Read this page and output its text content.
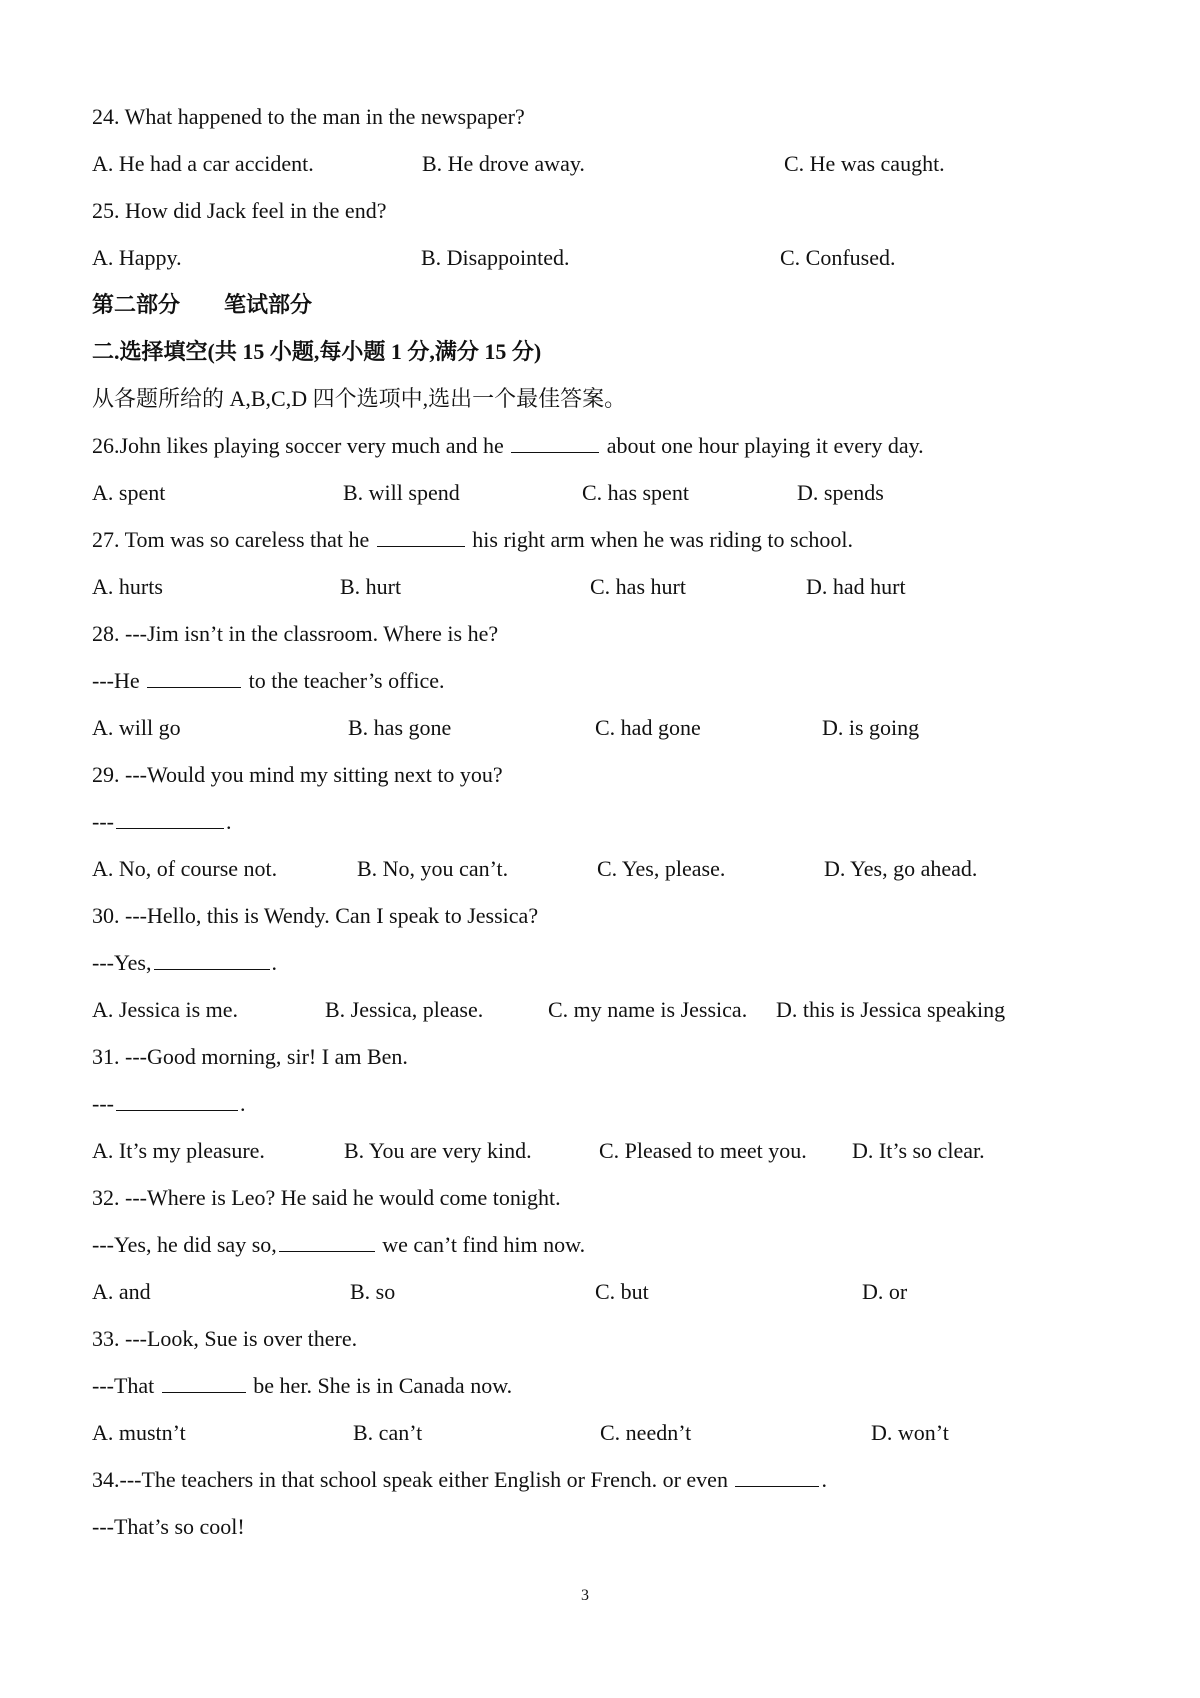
24. What happened to the man in the newspaper?
A. He had a car accident.	B. He drove away.	C. He was caught.
25. How did Jack feel in the end?
A. Happy.	B. Disappointed.	C. Confused.
第二部分　　笔试部分
二.选择填空(共 15 小题,每小题 1 分,满分 15 分)
从各题所给的 A,B,C,D 四个选项中,选出一个最佳答案。
26.John likes playing soccer very much and he	about one hour playing it every day.
A. spent	B. will spend	C. has spent	D. spends
27. Tom was so careless that he	his right arm when he was riding to school.
A. hurts	B. hurt	C. has hurt	D. had hurt
28. ---Jim isn’t in the classroom. Where is he?
---He	to the teacher’s office.
A. will go	B. has gone	C. had gone	D. is going
29. ---Would you mind my sitting next to you?
---	.
A. No, of course not.	B. No, you can’t.	C. Yes, please.	D. Yes, go ahead.
30. ---Hello, this is Wendy. Can I speak to Jessica?
---Yes,	.
A. Jessica is me.	B. Jessica, please.	C. my name is Jessica. D. this is Jessica speaking
31. ---Good morning, sir! I am Ben.
---	.
A. It’s my pleasure.	B. You are very kind.	C. Pleased to meet you. D. It’s so clear.
32. ---Where is Leo? He said he would come tonight.
---Yes, he did say so,	we can’t find him now.
A. and	B. so	C. but	D. or
33. ---Look, Sue is over there.
---That	be her. She is in Canada now.
A. mustn’t	B. can’t	C. needn’t	D. won’t
34.---The teachers in that school speak either English or French. or even	.
---That’s so cool!
3
